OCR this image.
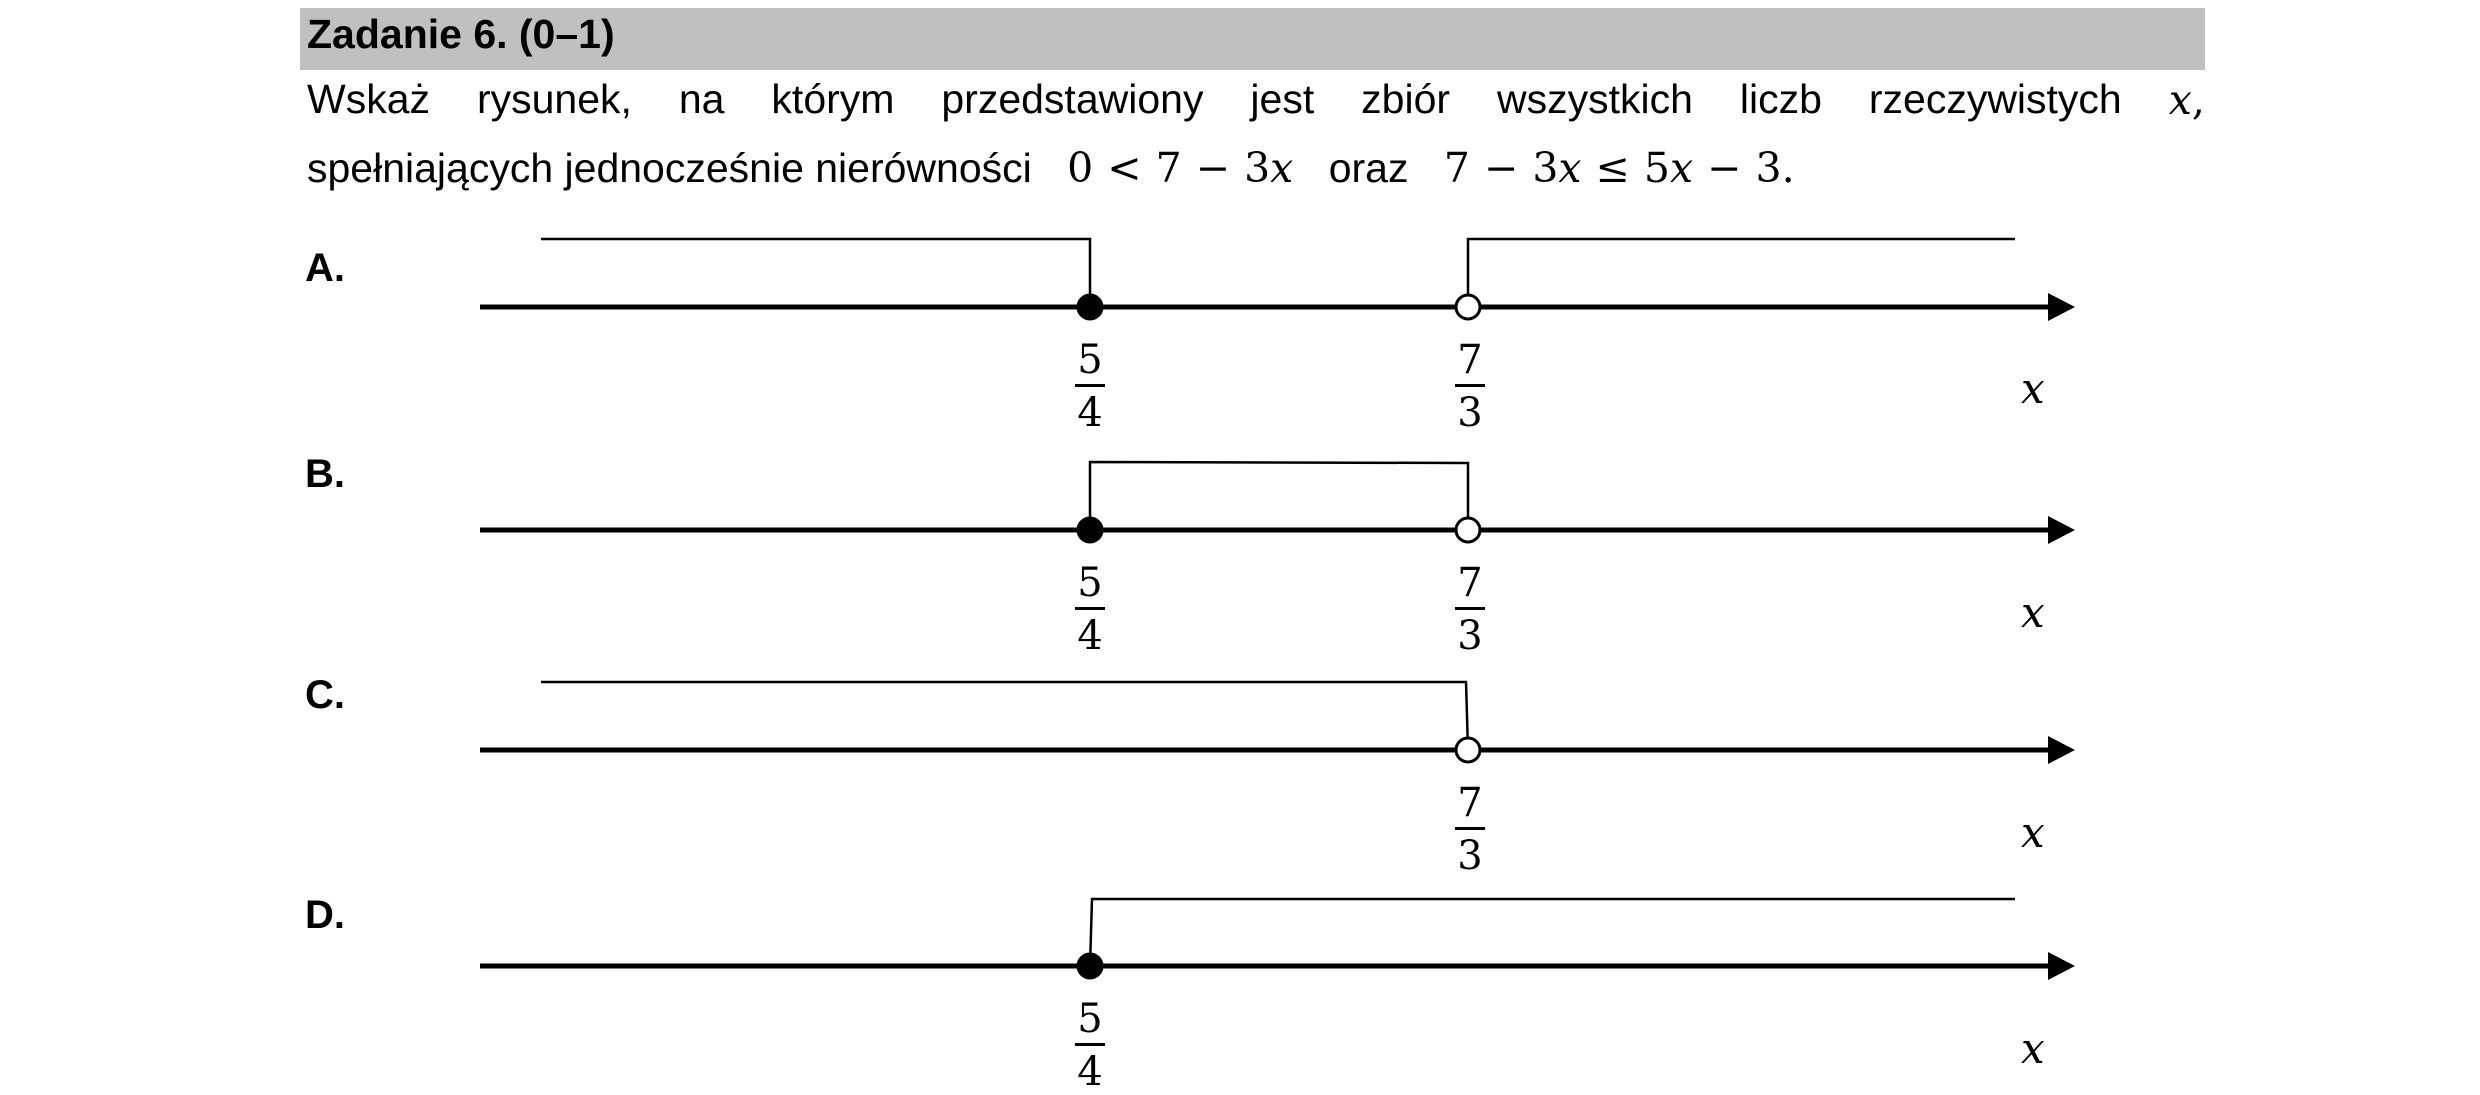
Zadanie 6. (0–1)
Wskaż rysunek, na którym przedstawiony jest zbiór wszystkich liczb rzeczywistych x,
spełniających jednocześnie nierówności 0 < 7 − 3x oraz 7 − 3x ≤ 5x − 3.
A.
B.
C.
D.
5
4
7
3	x
5
4
7
3	x
7
3	x
5
4	x
